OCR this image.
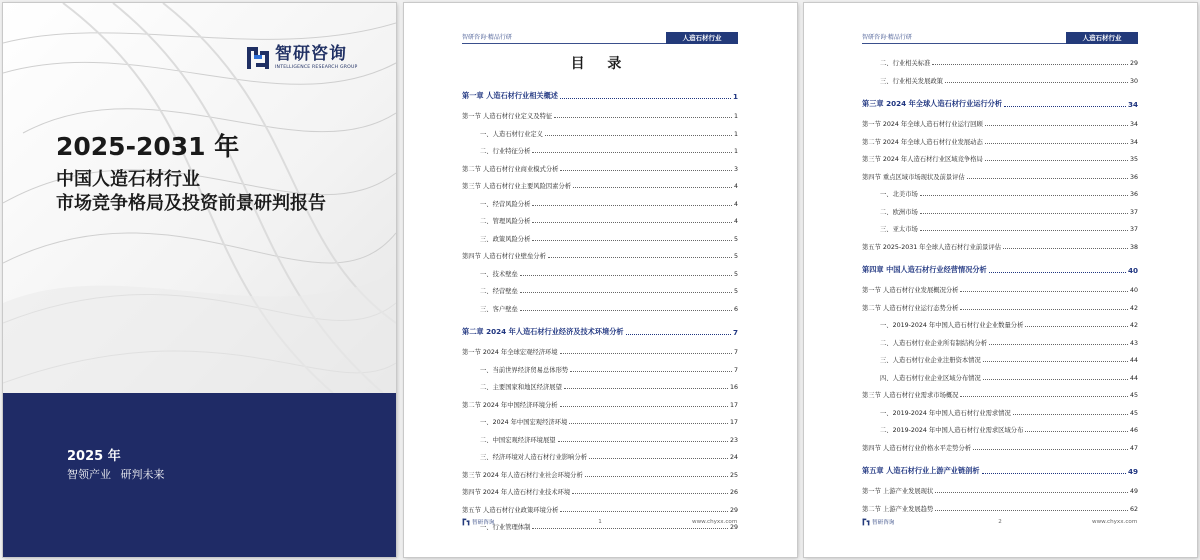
智研咨询
INTELLIGENCE RESEARCH GROUP
2025-2031 年
中国人造石材行业
市场竞争格局及投资前景研判报告
2025 年
智领产业 研判未来
智研咨询·精品行研	人造石材行业
目 录
第一章 人造石材行业相关概述	1
第一节 人造石材行业定义及特征	1
一、人造石材行业定义	1
二、行业特征分析	1
第二节 人造石材行业商业模式分析	3
第三节 人造石材行业主要风险因素分析	4
一、经营风险分析	4
二、管理风险分析	4
三、政策风险分析	5
第四节 人造石材行业壁垒分析	5
一、技术壁垒	5
二、经营壁垒	5
三、客户壁垒	6
第二章 2024 年人造石材行业经济及技术环境分析	7
第一节 2024 年全球宏观经济环境	7
一、当前世界经济贸易总体形势	7
二、主要国家和地区经济展望	16
第二节 2024 年中国经济环境分析	17
一、2024 年中国宏观经济环境	17
二、中国宏观经济环境展望	23
三、经济环境对人造石材行业影响分析	24
第三节 2024 年人造石材行业社会环境分析	25
第四节 2024 年人造石材行业技术环境	26
第五节 人造石材行业政策环境分析	29
一、行业管理体制	29
智研咨询	1	www.chyxx.com
智研咨询·精品行研	人造石材行业
二、行业相关标准	29
三、行业相关发展政策	30
第三章 2024 年全球人造石材行业运行分析	34
第一节 2024 年全球人造石材行业运行回顾	34
第二节 2024 年全球人造石材行业发展动态	34
第三节 2024 年人造石材行业区域竞争格局	35
第四节 重点区域市场现状及前景评估	36
一、北美市场	36
二、欧洲市场	37
三、亚太市场	37
第五节 2025-2031 年全球人造石材行业前景评估	38
第四章 中国人造石材行业经营情况分析	40
第一节 人造石材行业发展概况分析	40
第二节 人造石材行业运行态势分析	42
一、2019-2024 年中国人造石材行业企业数量分析	42
二、人造石材行业企业所有制结构分析	43
三、人造石材行业企业注册资本情况	44
四、人造石材行业企业区域分布情况	44
第三节 人造石材行业需求市场概况	45
一、2019-2024 年中国人造石材行业需求情况	45
二、2019-2024 年中国人造石材行业需求区域分布	46
第四节 人造石材行业价格水平走势分析	47
第五章 人造石材行业上游产业链剖析	49
第一节 上游产业发展现状	49
第二节 上游产业发展趋势	62
智研咨询	2	www.chyxx.com
